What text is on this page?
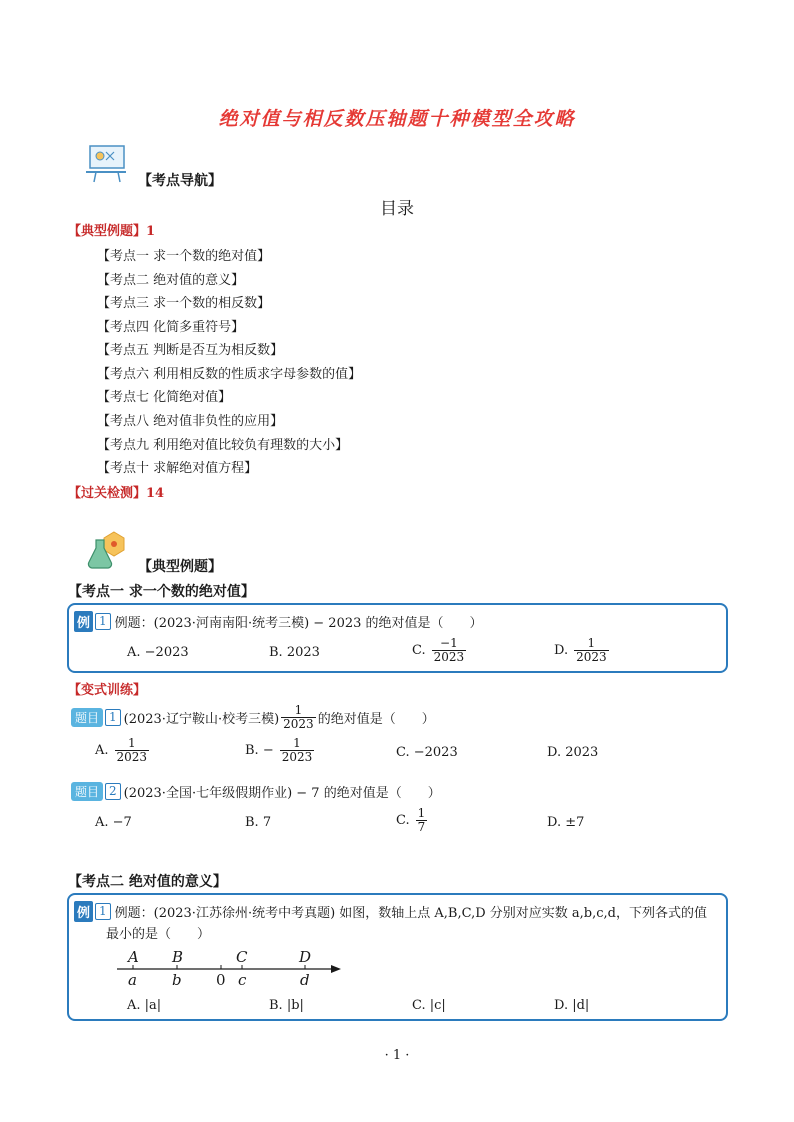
绝对值与相反数压轴题十种模型全攻略
【考点导航】
目录
【典型例题】1
【考点一 求一个数的绝对值】
【考点二 绝对值的意义】
【考点三 求一个数的相反数】
【考点四 化简多重符号】
【考点五 判断是否互为相反数】
【考点六 利用相反数的性质求字母参数的值】
【考点七 化简绝对值】
【考点八 绝对值非负性的应用】
【考点九 利用绝对值比较负有理数的大小】
【考点十 求解绝对值方程】
【过关检测】14
【典型例题】
【考点一 求一个数的绝对值】
例 1 例题：(2023·河南南阳·统考三模) − 2023 的绝对值是（　　）
A. −2023	B. 2023	C. $\frac{-1}{2023}$	D. $\frac{1}{2023}$
【变式训练】
题目 1 (2023·辽宁鞍山·校考三模) $\frac{1}{2023}$ 的绝对值是（　　）
A. $\frac{1}{2023}$	B. − $\frac{1}{2023}$	C. −2023	D. 2023
题目 2 (2023·全国·七年级假期作业) − 7 的绝对值是（　　）
A. −7	B. 7	C. $\frac{1}{7}$	D. ±7
【考点二 绝对值的意义】
例 1 例题：(2023·江苏徐州·统考中考真题) 如图，数轴上点 A,B,C,D 分别对应实数 a,b,c,d，下列各式的值
最小的是（　　）
A B	C	D
a b 0 c	d
A. |a|	B. |b|	C. |c|	D. |d|
· 1 ·
